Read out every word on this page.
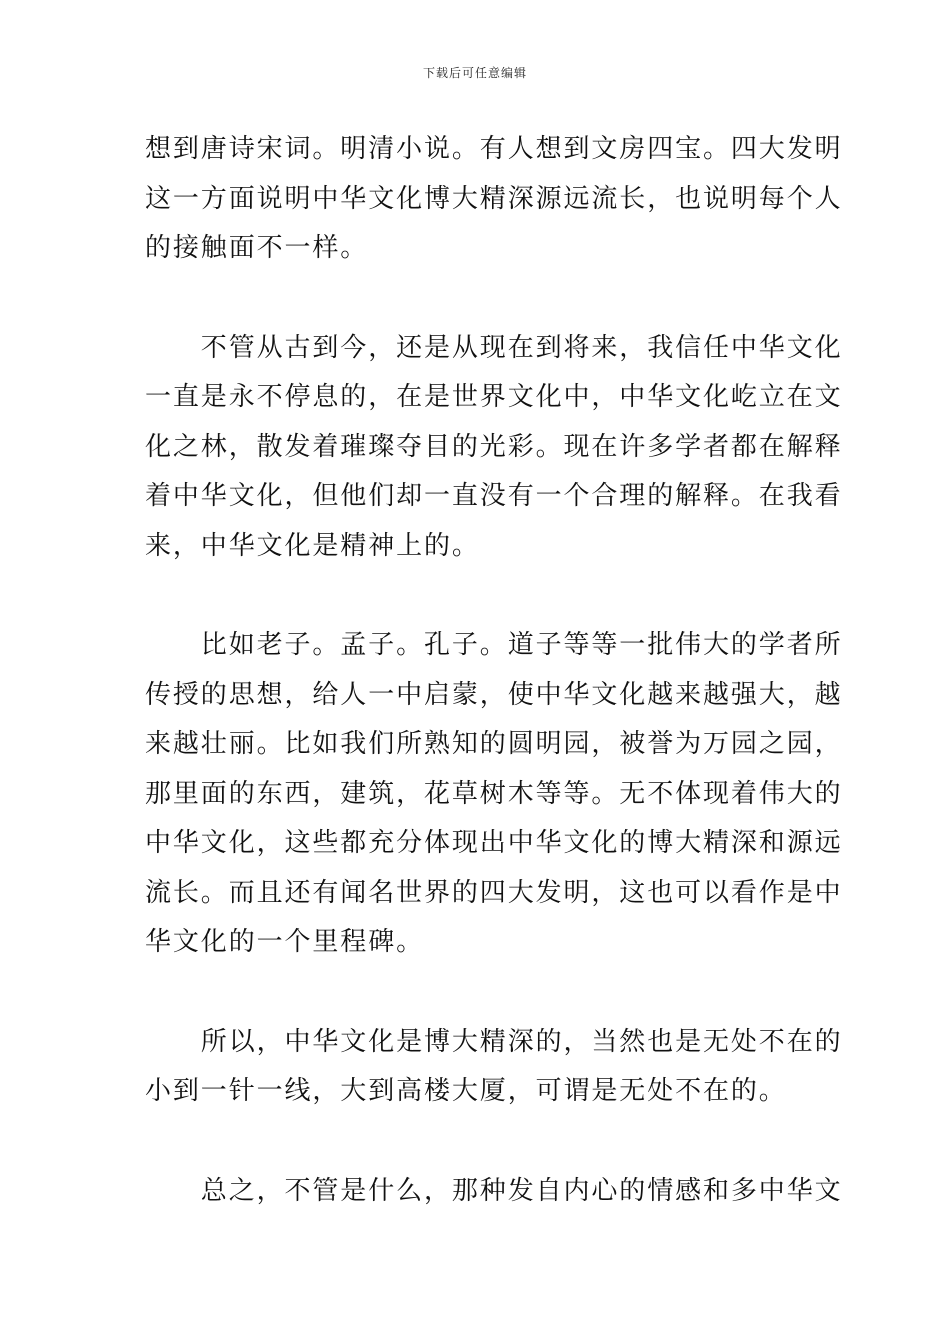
下载后可任意编辑
想到唐诗宋词。明清小说。有人想到文房四宝。四大发明
这一方面说明中华文化博大精深源远流长，也说明每个人
的接触面不一样。
　　不管从古到今，还是从现在到将来，我信任中华文化
一直是永不停息的，在是世界文化中，中华文化屹立在文
化之林，散发着璀璨夺目的光彩。现在许多学者都在解释
着中华文化，但他们却一直没有一个合理的解释。在我看
来，中华文化是精神上的。
　　比如老子。孟子。孔子。道子等等一批伟大的学者所
传授的思想，给人一中启蒙，使中华文化越来越强大，越
来越壮丽。比如我们所熟知的圆明园，被誉为万园之园，
那里面的东西，建筑，花草树木等等。无不体现着伟大的
中华文化，这些都充分体现出中华文化的博大精深和源远
流长。而且还有闻名世界的四大发明，这也可以看作是中
华文化的一个里程碑。
　　所以，中华文化是博大精深的，当然也是无处不在的
小到一针一线，大到高楼大厦，可谓是无处不在的。
　　总之，不管是什么，那种发自内心的情感和多中华文
